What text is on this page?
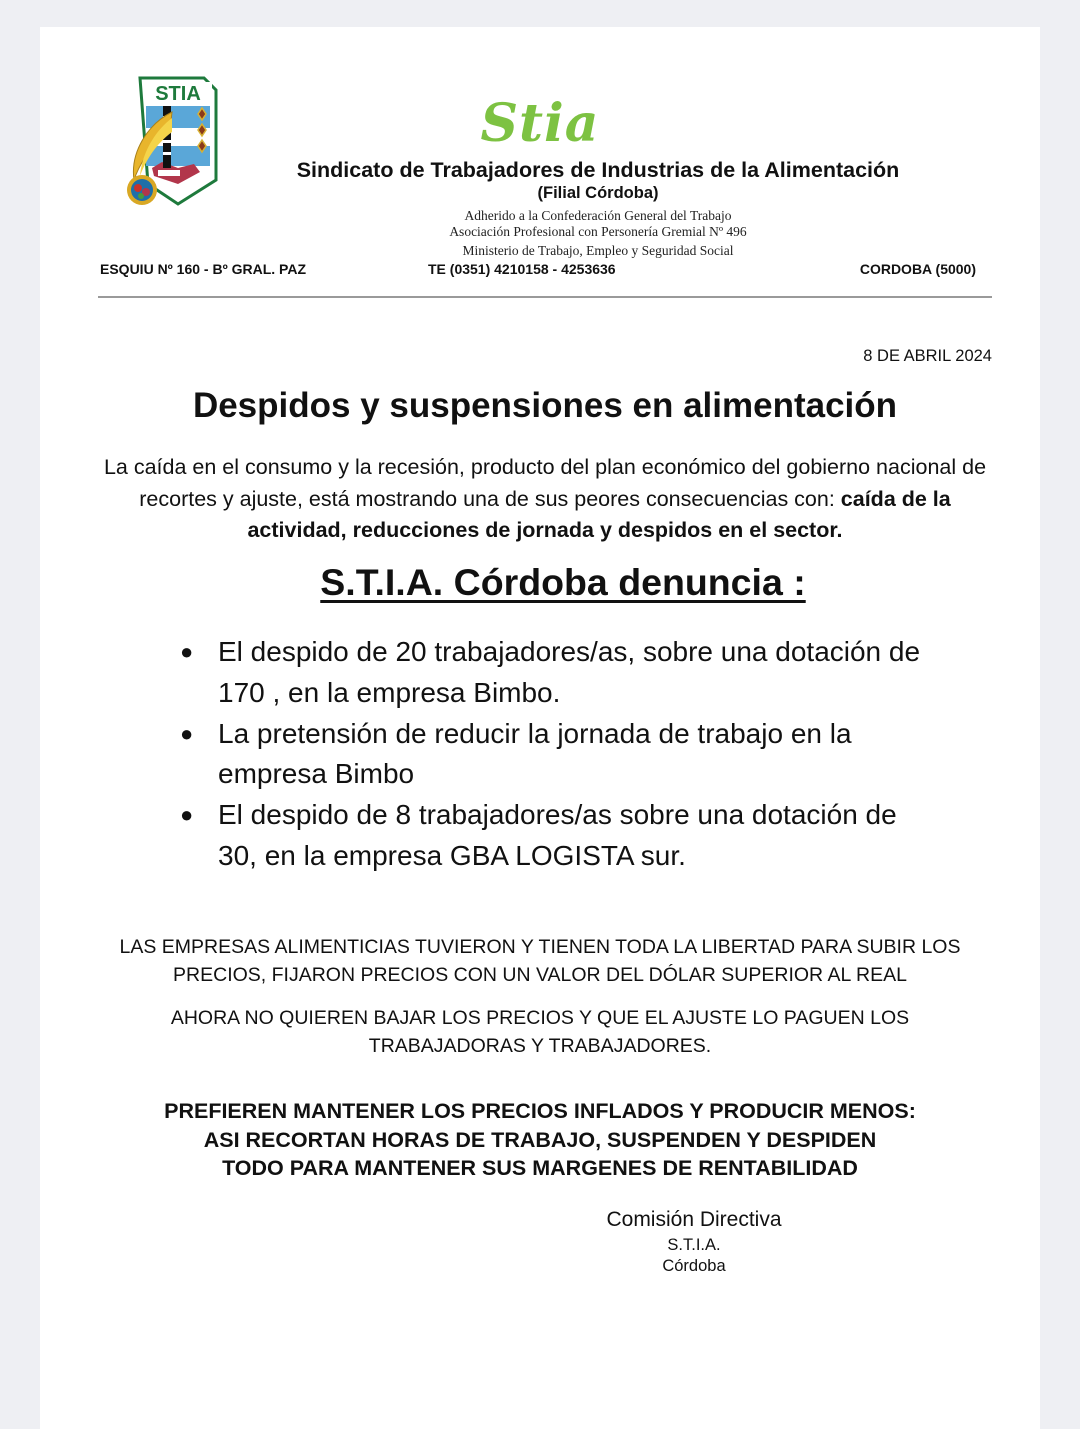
STIA	Stia
Sindicato de Trabajadores de Industrias de la Alimentación
(Filial Córdoba)
Adherido a la Confederación General del Trabajo
Asociación Profesional con Personería Gremial Nº 496
Ministerio de Trabajo, Empleo y Seguridad Social
ESQUIU Nº 160 - Bº GRAL. PAZ	TE (0351) 4210158 - 4253636	CORDOBA (5000)
8 DE ABRIL 2024
Despidos y suspensiones en alimentación
La caída en el consumo y la recesión, producto del plan económico del gobierno nacional de recortes y ajuste, está mostrando una de sus peores consecuencias con: caída de la actividad, reducciones de jornada y despidos en el sector.
S.T.I.A. Córdoba denuncia :
● El despido de 20 trabajadores/as, sobre una dotación de 170 , en la empresa Bimbo.
● La pretensión de reducir la jornada de trabajo en la empresa Bimbo
● El despido de 8 trabajadores/as sobre una dotación de 30, en la empresa GBA LOGISTA sur.
LAS EMPRESAS ALIMENTICIAS TUVIERON Y TIENEN TODA LA LIBERTAD PARA SUBIR LOS PRECIOS, FIJARON PRECIOS CON UN VALOR DEL DÓLAR SUPERIOR AL REAL
AHORA NO QUIEREN BAJAR LOS PRECIOS Y QUE EL AJUSTE LO PAGUEN LOS TRABAJADORAS Y TRABAJADORES.
PREFIEREN MANTENER LOS PRECIOS INFLADOS Y PRODUCIR MENOS:
ASI RECORTAN HORAS DE TRABAJO, SUSPENDEN Y DESPIDEN
TODO PARA MANTENER SUS MARGENES DE RENTABILIDAD
Comisión Directiva
S.T.I.A.
Córdoba
